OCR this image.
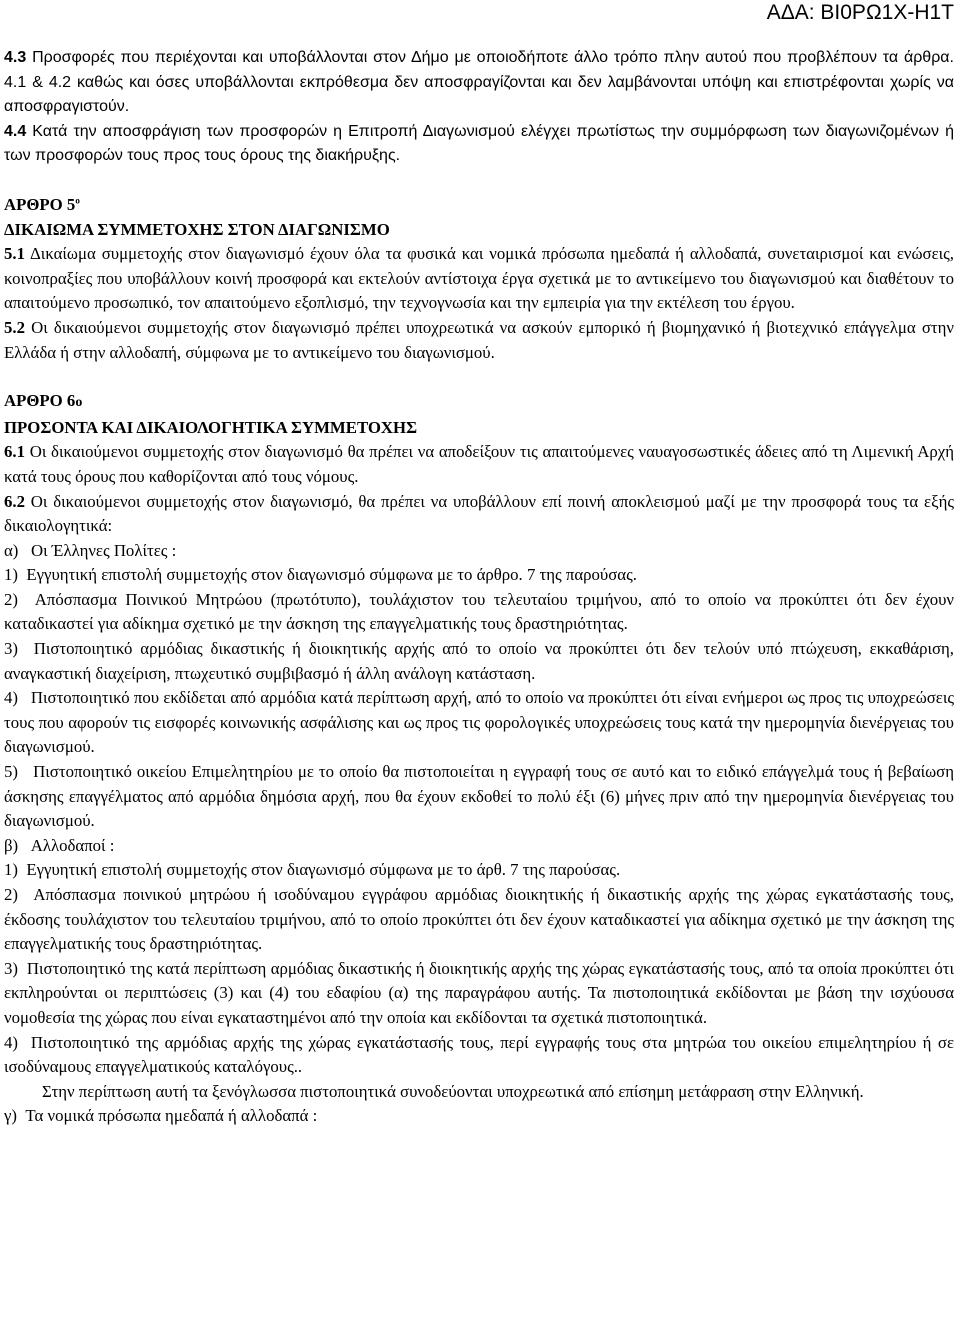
ΑΔΑ: ΒΙ0ΡΩ1Χ-Η1Τ

4.3 Προσφορές που περιέχονται και υποβάλλονται στον Δήμο με οποιοδήποτε άλλο τρόπο πλην αυτού που προβλέπουν τα άρθρα. 4.1 & 4.2 καθώς και όσες υποβάλλονται εκπρόθεσμα δεν αποσφραγίζονται και δεν λαμβάνονται υπόψη και επιστρέφονται χωρίς να αποσφραγιστούν.

4.4 Κατά την αποσφράγιση των προσφορών η Επιτροπή Διαγωνισμού ελέγχει πρωτίστως την συμμόρφωση των διαγωνιζομένων ή των προσφορών τους προς τους όρους της διακήρυξης.

ΑΡΘΡΟ $5^o$

ΔΙΚΑΙΩΜΑ ΣΥΜΜΕΤΟΧΗΣ ΣΤΟΝ ΔΙΑΓΩΝΙΣΜΟ

5.1 Δικαίωμα συμμετοχής στον διαγωνισμό έχουν όλα τα φυσικά και νομικά πρόσωπα ημεδαπά ή αλλοδαπά, συνεταιρισμοί και ενώσεις, κοινοπραξίες που υποβάλλουν κοινή προσφορά και εκτελούν αντίστοιχα έργα σχετικά με το αντικείμενο του διαγωνισμού και διαθέτουν το απαιτούμενο προσωπικό, τον απαιτούμενο εξοπλισμό, την τεχνογνωσία και την εμπειρία για την εκτέλεση του έργου.

5.2 Οι δικαιούμενοι συμμετοχής στον διαγωνισμό πρέπει υποχρεωτικά να ασκούν εμπορικό ή βιομηχανικό ή βιοτεχνικό επάγγελμα στην Ελλάδα ή στην αλλοδαπή, σύμφωνα με το αντικείμενο του διαγωνισμού.

ΑΡΘΡΟ 6ο

ΠΡΟΣΟΝΤΑ ΚΑΙ ΔΙΚΑΙΟΛΟΓΗΤΙΚΑ ΣΥΜΜΕΤΟΧΗΣ

6.1 Οι δικαιούμενοι συμμετοχής στον διαγωνισμό θα πρέπει να αποδείξουν τις απαιτούμενες ναυαγοσωστικές άδειες από τη Λιμενική Αρχή κατά τους όρους που καθορίζονται από τους νόμους.

6.2 Οι δικαιούμενοι συμμετοχής στον διαγωνισμό, θα πρέπει να υποβάλλουν επί ποινή αποκλεισμού μαζί με την προσφορά τους τα εξής δικαιολογητικά:

α)   Οι Έλληνες Πολίτες :

1)  Εγγυητική επιστολή συμμετοχής στον διαγωνισμό σύμφωνα με το άρθρο. 7 της παρούσας.

2)  Απόσπασμα Ποινικού Μητρώου (πρωτότυπο), τουλάχιστον του τελευταίου τριμήνου, από το οποίο να προκύπτει ότι δεν έχουν καταδικαστεί για αδίκημα σχετικό με την άσκηση της επαγγελματικής τους δραστηριότητας.

3)  Πιστοποιητικό αρμόδιας δικαστικής ή διοικητικής αρχής από το οποίο να προκύπτει ότι δεν τελούν υπό πτώχευση, εκκαθάριση, αναγκαστική διαχείριση, πτωχευτικό συμβιβασμό ή άλλη ανάλογη κατάσταση.

4)   Πιστοποιητικό που εκδίδεται από αρμόδια κατά περίπτωση αρχή, από το οποίο να προκύπτει ότι είναι ενήμεροι ως προς τις υποχρεώσεις τους που αφορούν τις εισφορές κοινωνικής ασφάλισης και ως προς τις φορολογικές υποχρεώσεις τους κατά την ημερομηνία διενέργειας του διαγωνισμού.

5)   Πιστοποιητικό οικείου Επιμελητηρίου με το οποίο θα πιστοποιείται η εγγραφή τους σε αυτό και το ειδικό επάγγελμά τους ή βεβαίωση άσκησης επαγγέλματος από αρμόδια δημόσια αρχή, που θα έχουν εκδοθεί το πολύ έξι (6) μήνες πριν από την ημερομηνία διενέργειας του διαγωνισμού.

β)   Αλλοδαποί :

1)  Εγγυητική επιστολή συμμετοχής στον διαγωνισμό σύμφωνα με το άρθ. 7 της παρούσας.

2)  Απόσπασμα ποινικού μητρώου ή ισοδύναμου εγγράφου αρμόδιας διοικητικής ή δικαστικής αρχής της χώρας εγκατάστασής τους, έκδοσης τουλάχιστον του τελευταίου τριμήνου, από το οποίο προκύπτει ότι δεν έχουν καταδικαστεί για αδίκημα σχετικό με την άσκηση της επαγγελματικής τους δραστηριότητας.

3)  Πιστοποιητικό της κατά περίπτωση αρμόδιας δικαστικής ή διοικητικής αρχής της χώρας εγκατάστασής τους, από τα οποία προκύπτει ότι εκπληρούνται οι περιπτώσεις (3) και (4) του εδαφίου (α) της παραγράφου αυτής. Τα πιστοποιητικά εκδίδονται με βάση την ισχύουσα νομοθεσία της χώρας που είναι εγκαταστημένοι από την οποία και εκδίδονται τα σχετικά πιστοποιητικά.

4)  Πιστοποιητικό της αρμόδιας αρχής της χώρας εγκατάστασής τους, περί εγγραφής τους στα μητρώα του οικείου επιμελητηρίου ή σε ισοδύναμους επαγγελματικούς καταλόγους..

Στην περίπτωση αυτή τα ξενόγλωσσα πιστοποιητικά συνοδεύονται υποχρεωτικά από επίσημη μετάφραση στην Ελληνική.

γ)  Τα νομικά πρόσωπα ημεδαπά ή αλλοδαπά :
